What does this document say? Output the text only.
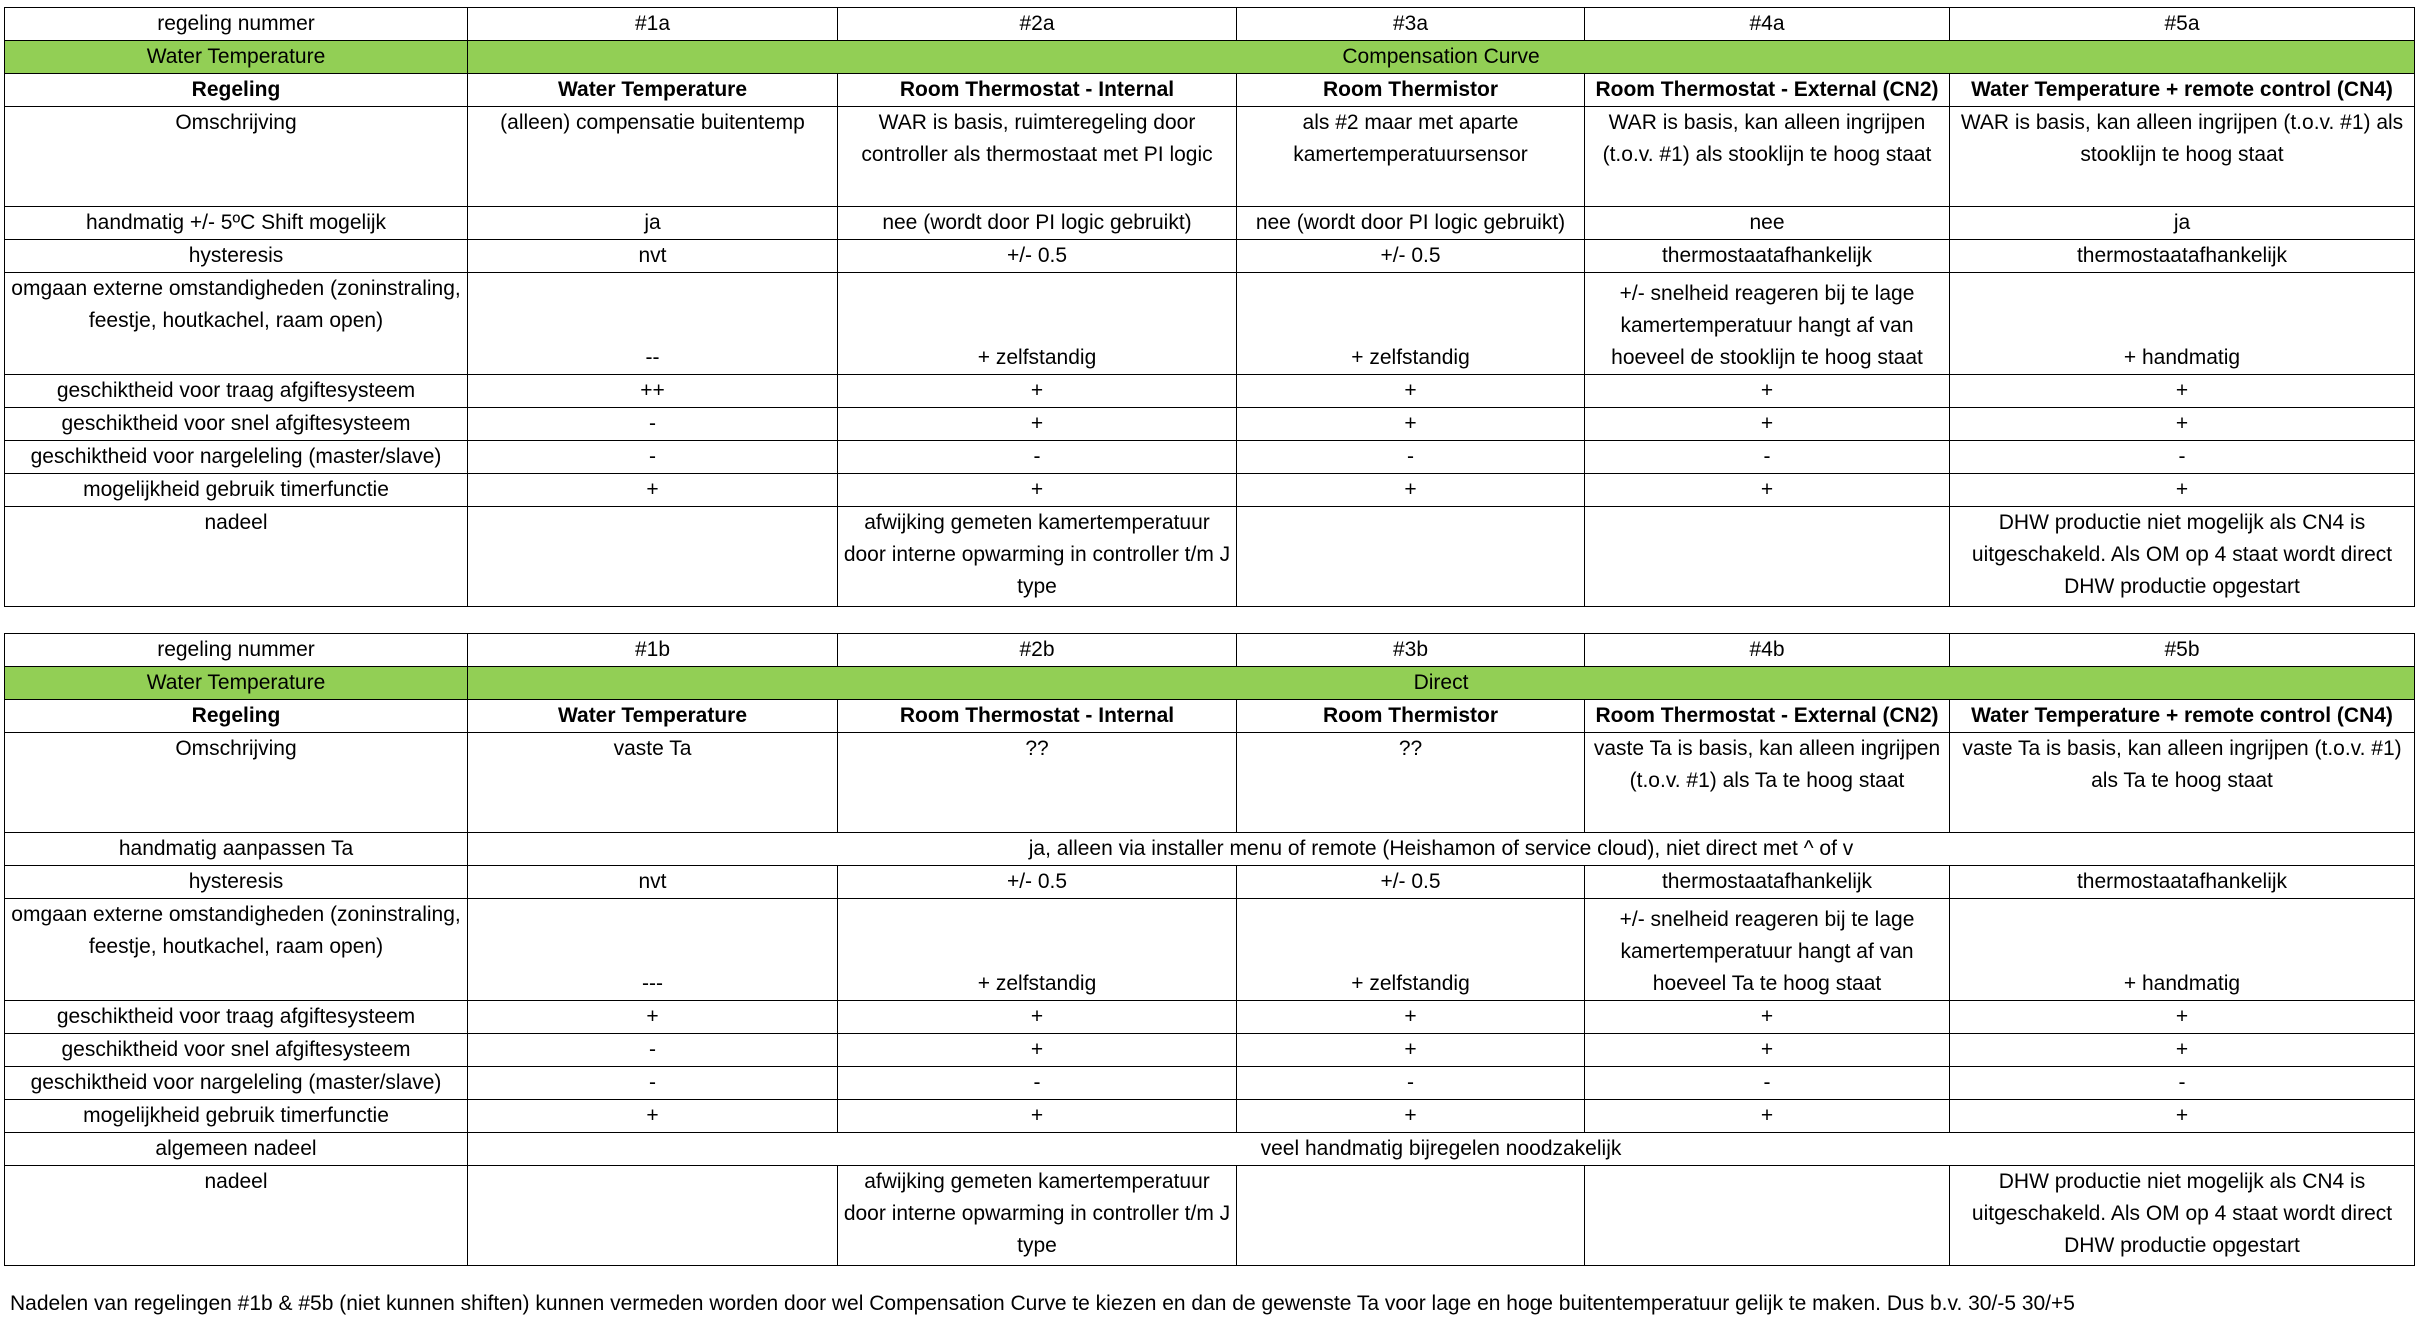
regeling nummer	#1a	#2a	#3a	#4a	#5a
Water Temperature	Compensation Curve				
Regeling	Water Temperature	Room Thermostat - Internal	Room Thermistor	Room Thermostat - External (CN2)	Water Temperature + remote control (CN4)
Omschrijving	(alleen) compensatie buitentemp	WAR is basis, ruimteregeling door controller als thermostaat met PI logic	als #2 maar met aparte kamertemperatuursensor	WAR is basis, kan alleen ingrijpen (t.o.v. #1) als stooklijn te hoog staat	WAR is basis, kan alleen ingrijpen (t.o.v. #1) als stooklijn te hoog staat
handmatig +/- 5ºC Shift mogelijk	ja	nee (wordt door PI logic gebruikt)	nee (wordt door PI logic gebruikt)	nee	ja
hysteresis	nvt	+/- 0.5	+/- 0.5	thermostaatafhankelijk	thermostaatafhankelijk
omgaan externe omstandigheden (zoninstraling, feestje, houtkachel, raam open)	--	+ zelfstandig	+ zelfstandig	+/- snelheid reageren bij te lage kamertemperatuur hangt af van hoeveel de stooklijn te hoog staat	+ handmatig
geschiktheid voor traag afgiftesysteem	++	+	+	+	+
geschiktheid voor snel afgiftesysteem	-	+	+	+	+
geschiktheid voor nargeleling (master/slave)	-	-	-	-	-
mogelijkheid gebruik timerfunctie	+	+	+	+	+
nadeel		afwijking gemeten kamertemperatuur door interne opwarming in controller t/m J type			DHW productie niet mogelijk als CN4 is uitgeschakeld. Als OM op 4 staat wordt direct DHW productie opgestart
regeling nummer	#1b	#2b	#3b	#4b	#5b
Water Temperature	Direct				
Regeling	Water Temperature	Room Thermostat - Internal	Room Thermistor	Room Thermostat - External (CN2)	Water Temperature + remote control (CN4)
Omschrijving	vaste Ta	??	??	vaste Ta is basis, kan alleen ingrijpen (t.o.v. #1) als Ta te hoog staat	vaste Ta is basis, kan alleen ingrijpen (t.o.v. #1) als Ta te hoog staat
handmatig aanpassen Ta	ja, alleen via installer menu of remote (Heishamon of service cloud), niet direct met ^ of v				
hysteresis	nvt	+/- 0.5	+/- 0.5	thermostaatafhankelijk	thermostaatafhankelijk
omgaan externe omstandigheden (zoninstraling, feestje, houtkachel, raam open)	---	+ zelfstandig	+ zelfstandig	+/- snelheid reageren bij te lage kamertemperatuur hangt af van hoeveel Ta te hoog staat	+ handmatig
geschiktheid voor traag afgiftesysteem	+	+	+	+	+
geschiktheid voor snel afgiftesysteem	-	+	+	+	+
geschiktheid voor nargeleling (master/slave)	-	-	-	-	-
mogelijkheid gebruik timerfunctie	+	+	+	+	+
algemeen nadeel	veel handmatig bijregelen noodzakelijk				
nadeel		afwijking gemeten kamertemperatuur door interne opwarming in controller t/m J type			DHW productie niet mogelijk als CN4 is uitgeschakeld. Als OM op 4 staat wordt direct DHW productie opgestart
Nadelen van regelingen #1b & #5b (niet kunnen shiften) kunnen vermeden worden door wel Compensation Curve te kiezen en dan de gewenste Ta voor lage en hoge buitentemperatuur gelijk te maken. Dus b.v. 30/-5 30/+5
